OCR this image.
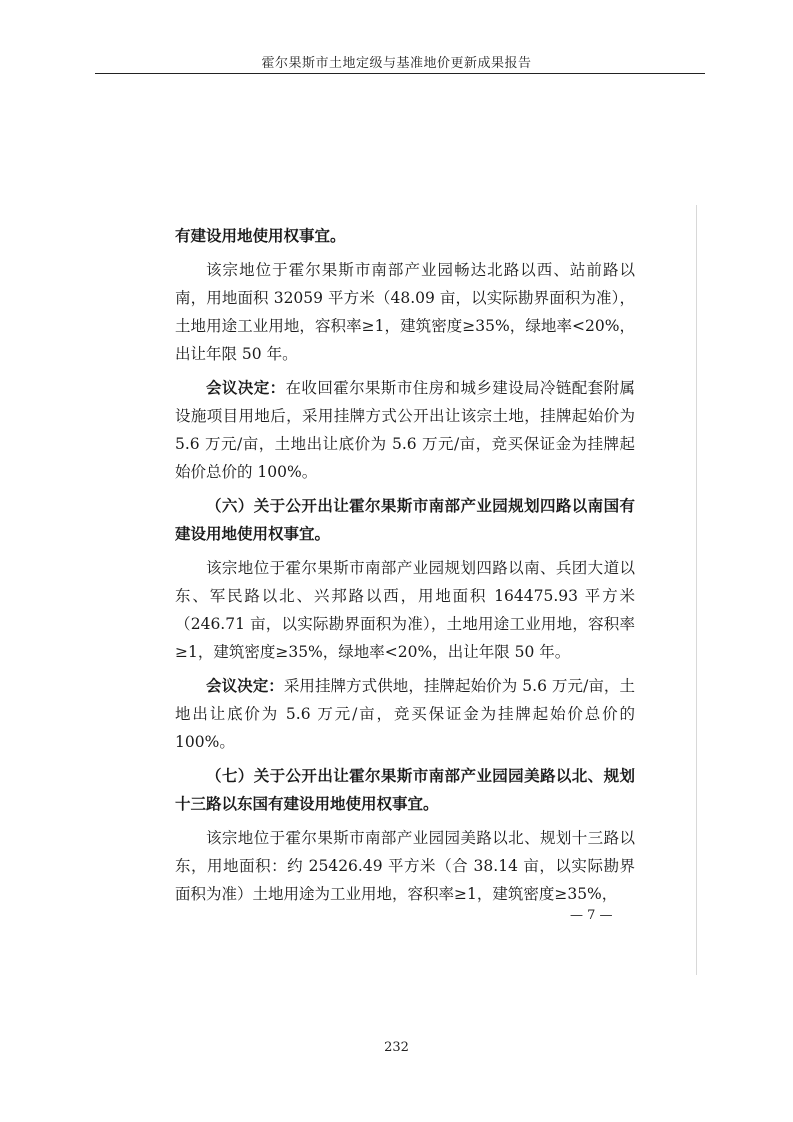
霍尔果斯市土地定级与基准地价更新成果报告

有建设用地使用权事宜。

该宗地位于霍尔果斯市南部产业园畅达北路以西、站前路以南，用地面积 32059 平方米（48.09 亩，以实际勘界面积为准），土地用途工业用地，容积率≥1，建筑密度≥35%，绿地率<20%，出让年限 50 年。

会议决定：在收回霍尔果斯市住房和城乡建设局冷链配套附属设施项目用地后，采用挂牌方式公开出让该宗土地，挂牌起始价为 5.6 万元/亩，土地出让底价为 5.6 万元/亩，竞买保证金为挂牌起始价总价的 100%。

（六）关于公开出让霍尔果斯市南部产业园规划四路以南国有建设用地使用权事宜。

该宗地位于霍尔果斯市南部产业园规划四路以南、兵团大道以东、军民路以北、兴邦路以西，用地面积 164475.93 平方米（246.71 亩，以实际勘界面积为准），土地用途工业用地，容积率≥1，建筑密度≥35%，绿地率<20%，出让年限 50 年。

会议决定：采用挂牌方式供地，挂牌起始价为 5.6 万元/亩，土地出让底价为 5.6 万元/亩，竞买保证金为挂牌起始价总价的 100%。

（七）关于公开出让霍尔果斯市南部产业园园美路以北、规划十三路以东国有建设用地使用权事宜。

该宗地位于霍尔果斯市南部产业园园美路以北、规划十三路以东，用地面积：约 25426.49 平方米（合 38.14 亩，以实际勘界面积为准）土地用途为工业用地，容积率≥1，建筑密度≥35%，

— 7 —
232
